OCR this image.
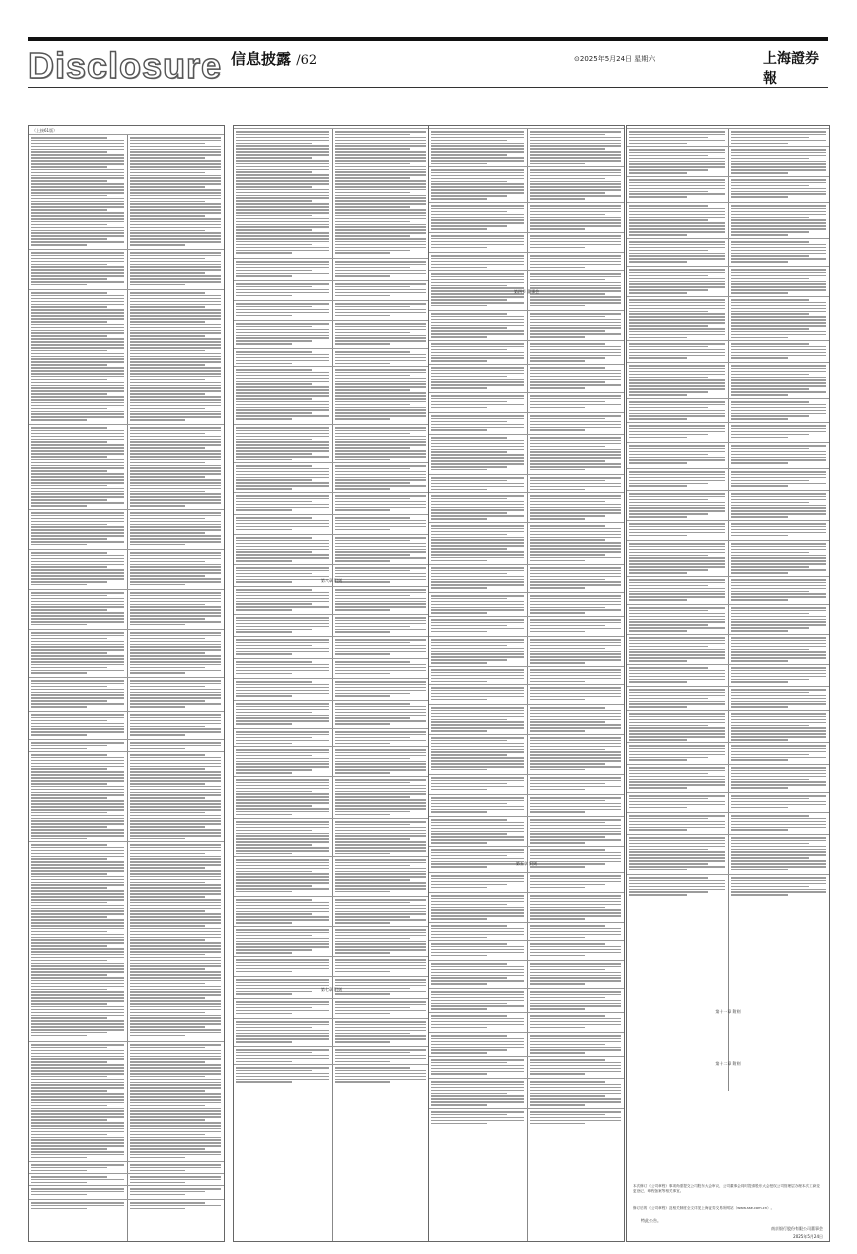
Disclosure 信息披露 /62	⊙2025年5月24日 星期六	上海證券報
（上接61版）
第八章 附则
第七章 附则
第四节 董事会
第五章 附则
第十一章 附则
第十二章 附则
本次修订《公司章程》事项尚需提交公司股东大会审议，公司董事会同时提请股东大会授权公司管理层办理本次工商变更登记、章程备案等相关事宜。
修订后的《公司章程》及相关制度全文详见上海证券交易所网站（www.sse.com.cn）。
特此公告。
南京银行股份有限公司董事会
2025年5月24日
